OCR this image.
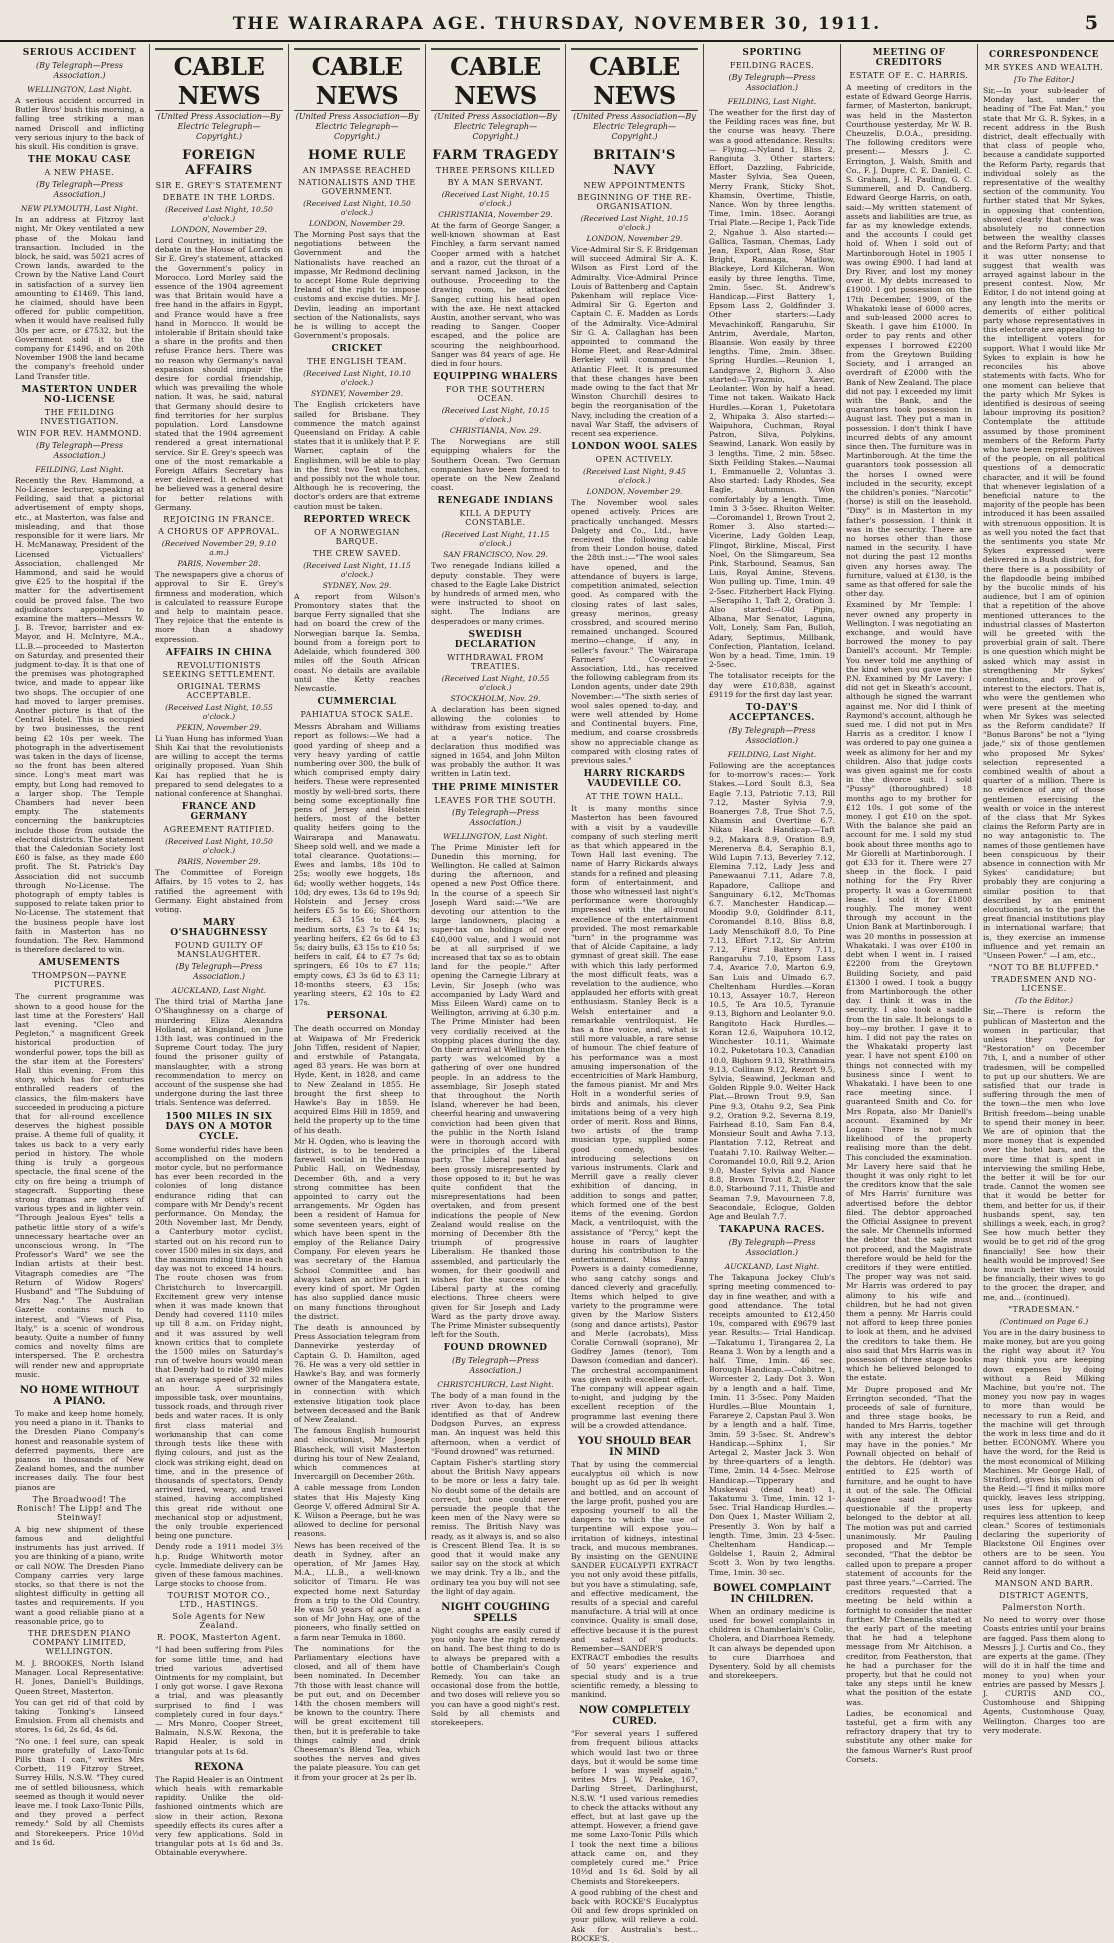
THE WAIRARAPA AGE. THURSDAY, NOVEMBER 30, 1911.	5
SERIOUS ACCIDENT
(By Telegraph—Press Association.)
WELLINGTON, Last Night.
A serious accident occurred in Butler Bros' bush this morning, a falling tree striking a man named Driscoll and inflicting very serious injury to the back of his skull. His condition is grave.
THE MOKAU CASE
A NEW PHASE.
(By Telegraph—Press Association.)
NEW PLYMOUTH, Last Night.
In an address at Fitzroy last night, Mr Okey ventilated a new phase of the Mokau land transaction. Included in the block, he said, was 5021 acres of Crown lands, awarded to the Crown by the Native Land Court in satisfaction of a survey lien amounting to £1469. This land, he claimed, should have been offered for public competition, when it would have realised fully 30s per acre, or £7532, but the Government sold it to the company for £1496, and on 20th November 1908 the land became the company's freehold under Land Transfer title.
MASTERTON UNDER NO-LICENSE
THE FEILDING INVESTIGATION.
WIN FOR REV. HAMMOND.
(By Telegraph—Press Association.)
FEILDING, Last Night.
Recently the Rev. Hammond, a No-License lecturer, speaking at Feilding, said that a pictorial advertisement of empty shops, etc., at Masterton, was false and misleading, and that those responsible for it were liars. Mr H. McManaway, President of the Licensed Victuallers' Association, challenged Mr Hammond, and said he would give £25 to the hospital if the matter for the advertisement could be proved false. The two adjudicators appointed to examine the matters—Messrs W. J. B. Trevor, barrister and ex-Mayor, and H. McIntyre, M.A., LL.B.—proceeded to Masterton on Saturday, and presented their judgment to-day. It is that one of the premises was photographed twice, and made to appear like two shops. The occupier of one had moved to larger premises. Another picture is that of the Central Hotel. This is occupied by two businesses, the rent being £2 10s per week. The photograph in the advertisement was taken in the days of license, so the front has been altered since. Long's meat mart was empty, but Long had removed to a larger shop. The Temple Chambers had never been empty. The statements concerning the bankruptcies include those from outside the electoral districts. The statement that the Caledonian Society lost £60 is false, as they made £60 profit. The St. Patrick's Day Association did not succumb through No-License. The photograph of empty tables is supposed to relate taken prior to No-License. The statement that the business people have lost faith in Masterton has no foundation. The Rev. Hammond is therefore declared to win.
AMUSEMENTS
THOMPSON—PAYNE PICTURES.
The current programme was shown to a good house for the last time at the Foresters' Hall last evening. "Cleo and Pegleton," a magnificent Greek historical production of wonderful power, tops the bill as the star item at the Foresters' Hall this evening. From this story, which has for centuries enthralled readers of the classics, the film-makers have succeeded in producing a picture that for all-round excellence deserves the highest possible praise. A theme full of quality, it takes us back to a very early period in history. The whole thing is truly a gorgeous spectacle, the final scene of the city on fire being a triumph of stagecraft. Supporting these strong dramas are others of various types and in lighter vein. "Through Jealous Eyes" tells a pathetic little story of a wife's unnecessary heartache over an unconscious wrong. In "The Professor's Ward" we see the Indian artists at their best. Vitagraph comedies are "The Return of Widow Rogers' Husband" and "The Subduing of Mrs Nag." The Australian Gazette contains much to interest, and "Views of Pisa, Italy," is a scenic of wondrous beauty. Quite a number of funny comics and novelty films are interspersed. The P. orchestra will render new and appropriate music.
NO HOME WITHOUT A PIANO.
To make and keep home homely, you need a piano in it. Thanks to the Dresden Piano Company's honest and reasonable system of deferred payments, there are pianos in thousands of New Zealand homes, and the number increases daily. The four best pianos are
The Broadwood! The Ronisch! The Lipp! and The Steinway!
A big new shipment of these famous and delightful instruments has just arrived. If you are thinking of a piano, write or call NOW. The Dresden Piano Company carries very large stocks, so that there is not the slightest difficulty in getting all tastes and requirements. If you want a good reliable piano at a reasonable price, go to
THE DRESDEN PIANO COMPANY LIMITED, WELLINGTON.
M. J. BROOKES, North Island Manager. Local Representative: H. Jones, Daniell's Buildings, Queen Street, Masterton.
You can get rid of that cold by taking Tonking's Linseed Emulsion. From all chemists and stores, 1s 6d, 2s 6d, 4s 6d.
"No one. I feel sure, can speak more gratefully of Laxo-Tonic Pills than I can," writes Mrs Corbett, 119 Fitzroy Street, Surrey Hills, N.S.W. "They cured me of settled biliousness, which seemed as though it would never leave me. I took Laxo-Tonic Pills, and they proved a perfect remedy." Sold by all Chemists and Storekeepers. Price 10½d and 1s 6d.
CABLE NEWS
(United Press Association—By Electric Telegraph—Copyright.)
FOREIGN AFFAIRS
SIR E. GREY'S STATEMENT
DEBATE IN THE LORDS.
(Received Last Night, 10.50 o'clock.)
LONDON, November 29.
Lord Courtney, in initiating the debate in the House of Lords on Sir E. Grey's statement, attacked the Government's policy in Morocco. Lord Morley said the essence of the 1904 agreement was that Britain would have a free hand in the affairs in Egypt, and France would have a free hand in Morocco. It would be intolerable if Britain should take a share in the profits and then refuse France hers. There was no reason why Germany's naval expansion should impair the desire for cordial friendship, which was prevailing the whole nation. It was, he said, natural that Germany should desire to find territories for her surplus population. Lord Lansdowne stated that the 1904 agreement rendered a great international service. Sir E. Grey's speech was one of the most remarkable a Foreign Affairs Secretary has ever delivered. It echoed what he believed was a general desire for better relations with Germany.
REJOICING IN FRANCE.
A CHORUS OF APPROVAL.
(Received November 29, 9.10 a.m.)
PARIS, November 28.
The newspapers give a chorus of approval to Sir E. Grey's firmness and moderation, which is calculated to reassure Europe and help to maintain peace. They rejoice that the entente is more than a shadowy expression.
AFFAIRS IN CHINA
REVOLUTIONISTS SEEKING SETTLEMENT.
ORIGINAL TERMS ACCEPTABLE.
(Received Last Night, 10.55 o'clock.)
PEKIN, November 29.
Li Yuan Hung has informed Yuan Shih Kai that the revolutionists are willing to accept the terms originally proposed. Yuan Shih Kai has replied that he is prepared to send delegates to a national conference at Shanghai.
FRANCE AND GERMANY
AGREEMENT RATIFIED.
(Received Last Night, 10.50 o'clock.)
PARIS, November 29.
The Committee of Foreign Affairs, by 15 votes to 2, has ratified the agreement with Germany. Eight abstained from voting.
MARY O'SHAUGHNESSY
FOUND GUILTY OF MANSLAUGHTER.
(By Telegraph—Press Association.)
AUCKLAND, Last Night.
The third trial of Martha Jane O'Shaughnessy on a charge of murdering Eliza Alexandra Holland, at Kingsland, on June 13th last, was continued in the Supreme Court today. The jury found the prisoner guilty of manslaughter, with a strong recommendation to mercy on account of the suspense she had undergone during the last three trials. Sentence was deferred.
1500 MILES IN SIX DAYS ON A MOTOR CYCLE.
Some wonderful rides have been accomplished on the modern motor cycle, but no performance has ever been recorded in the colonies of long distance endurance riding that can compare with Mr Dendy's recent performance. On Monday, the 20th November last, Mr Dendy, a Canterbury motor cyclist, started out on his record run to cover 1500 miles in six days, and the maximum riding time in each day was not to exceed 14 hours. The route chosen was from Christchurch to Invercargill. Excitement grew very intense when it was made known that Dendy had covered 1110 miles up till 8 a.m. on Friday night, and it was assured by well known critics that to complete the 1500 miles on Saturday's run of twelve hours would mean that Dendy had to ride 390 miles at an average speed of 32 miles an hour. A surprisingly impossible task, over mountains, tussock roads, and through river beds and water races. It is only first class material and workmanship that can come through tests like these with flying colours, and just as the clock was striking eight, dead on time, and in the presence of thousands of spectators, Dendy arrived tired, weary, and travel stained, having accomplished this great ride without one mechanical stop or adjustment, the only trouble experienced being one puncture.
Dendy rode a 1911 model 3½ h.p. Rudge Whitworth motor cycle. Immediate delivery can be given of these famous machines. Large stocks to choose from.
TOURIST MOTOR CO., LTD., HASTINGS.
Sole Agents for New Zealand.
R. POOK, Masterton Agent.
"I had been suffering from Piles for some little time, and had tried various advertised Ointments for my complaint, but I only got worse. I gave Rexona a trial, and was pleasantly surprised to find I was completely cured in four days." — Mrs Monro, Cooper Street, Balmain, N.S.W. Rexona, the Rapid Healer, is sold in triangular pots at 1s 6d.
REXONA
The Rapid Healer is an Ointment which heals with remarkable rapidity. Unlike the old-fashioned ointments which are slow in their action, Rexona speedily effects its cures after a very few applications. Sold in triangular pots at 1s 6d and 3s. Obtainable everywhere.
CABLE NEWS
(United Press Association—By Electric Telegraph—Copyright.)
HOME RULE
AN IMPASSE REACHED
NATIONALISTS AND THE GOVERNMENT.
(Received Last Night, 10.50 o'clock.)
LONDON, November 29.
The Morning Post says that the negotiations between the Government and the Nationalists have reached an impasse, Mr Redmond declining to accept Home Rule depriving Ireland of the right to impose customs and excise duties. Mr J. Devlin, leading an important section of the Nationalists, says he is willing to accept the Government's proposals.
CRICKET
THE ENGLISH TEAM.
(Received Last Night, 10.10 o'clock.)
SYDNEY, November 29.
The English cricketers have sailed for Brisbane. They commence the match against Queensland on Friday. A cable states that it is unlikely that P. F. Warner, captain of the Englishmen, will be able to play in the first two Test matches, and possibly not the whole tour. Although he is recovering, the doctor's orders are that extreme caution must be taken.
REPORTED WRECK
OF A NORWEGIAN BARQUE.
THE CREW SAVED.
(Received Last Night, 11.15 o'clock.)
SYDNEY, Nov. 29.
A report from Wilson's Promontory states that the barque Ferry signalled that she had on board the crew of the Norwegian barque Ia. Semba, bound from a foreign port to Adelaide, which foundered 300 miles off the South African coast. No details are available until the Ketty reaches Newcastle.
CUMMERCIAL
PAHIATUA STOCK SALE.
Messrs Abraham and Williams report as follows:—We had a good yarding of sheep and a very heavy yarding of cattle numbering over 300, the bulk of which comprised empty dairy heifers. These were represented mostly by well-bred sorts, there being some exceptionally fine pens of Jersey and Holstein heifers, most of the better quality heifers going to the Wairarapa and Manawatu. Sheep sold well, and we made a total clearance. Quotations:—Ewes and lambs, 18s 10d to 25s; woolly ewe hoggets, 18s 6d; woolly wether hoggets, 14s 10d; dry ewes, 13s 6d to 19s 9d; Holstein and Jersey cross heifers £5 5s to £6; Shorthorn heifers, £3 15s to £4 9s; medium sorts, £3 7s to £4 1s; yearling heifers, £2 6s 6d to £3 5s; dairy bulls, £3 15s to £10 5s; heifers in calf, £4 to £7 7s 6d; springers, £6 10s to £7 11s; empty cows, £3 3s 6d to £3 11; 18-months steers, £3 15s; yearling steers, £2 10s to £2 17s.
PERSONAL
The death occurred on Monday at Waipawa of Mr Frederick John Tiffen, resident of Napier, and erstwhile of Patangata, aged 83 years. He was born at Hyde, Kent, in 1828, and came to New Zealand in 1855. He brought the first sheep to Hawke's Bay in 1859. He acquired Elms Hill in 1859, and held the property up to the time of his death.
Mr H. Ogden, who is leaving the district, is to be tendered a farewell social in the Hamua Public Hall, on Wednesday, December 6th, and a very strong committee has been appointed to carry out the arrangements. Mr Ogden has been a resident of Hamua for some seventeen years, eight of which have been spent in the employ of the Reliance Dairy Company. For eleven years he was secretary of the Hamua School Committee and has always taken an active part in every kind of sport. Mr Ogden has also supplied dance music on many functions throughout the district.
The death is announced by Press Association telegram from Dannevirke yesterday of Captain G. D. Hamilton, aged 76. He was a very old settler in Hawke's Bay, and was formerly owner of the Mangatera estate, in connection with which extensive litigation took place between deceased and the Bank of New Zealand.
The famous English humourist and elocutionist, Mr Joseph Blascheck, will visit Masterton during his tour of New Zealand, which commences at Invercargill on December 26th.
A cable message from London states that His Majesty King George V. offered Admiral Sir A. K. Wilson a Peerage, but he was allowed to decline for personal reasons.
News has been received of the death in Sydney, after an operation, of Mr James Hay, M.A., LL.B., a well-known solicitor of Timaru. He was expected home next Saturday from a trip to the Old Country. He was 50 years of age, and a son of Mr John Hay, one of the pioneers, who finally settled on a farm near Temuka in 1860.
The nominations for the Parliamentary elections have closed, and all of them have been nominated. In December 7th those with least chance will be put out, and on December 14th the chosen members will be known to the country. There will be great excitement till then, but it is preferable to take things calmly and drink Cheeseman's Blend Tea, which soothes the nerves and gives the palate pleasure. You can get it from your grocer at 2s per lb.
CABLE NEWS
(United Press Association—By Electric Telegraph—Copyright.)
FARM TRAGEDY
THREE PERSONS KILLED
BY A MAN SERVANT.
(Received Last Night, 10.15 o'clock.)
CHRISTIANIA, November 29.
At the farm of George Sanger, a well-known showman at East Finchley, a farm servant named Cooper armed with a hatchet and a razor, cut the throat of a servant named Jackson, in the outhouse. Proceeding to the drawing room, he attacked Sanger, cutting his head open with the axe. He next attacked Austin, another servant, who was reading to Sanger. Cooper escaped, and the police are scouring the neighbourhood. Sanger was 84 years of age. He died in four hours.
EQUIPPING WHALERS
FOR THE SOUTHERN OCEAN.
(Received Last Night, 10.15 o'clock.)
CHRISTIANIA, Nov. 29.
The Norwegians are still equipping whalers for the Southern Ocean. Two German companies have been formed to operate on the New Zealand coast.
RENEGADE INDIANS
KILL A DEPUTY CONSTABLE.
(Received Last Night, 11.15 o'clock.)
SAN FRANCISCO, Nov. 29.
Two renegade Indians killed a deputy constable. They were chased to the Eagle Lake District by hundreds of armed men, who were instructed to shoot on sight. The Indians are desperadoes or many crimes.
SWEDISH DECLARATION
WITHDRAWAL FROM TREATIES.
(Received Last Night, 10.55 o'clock.)
STOCKHOLM, Nov. 29.
A declaration has been signed allowing the colonies to withdraw from existing treaties at a year's notice. The declaration thus modified was signed in 1654, and John Milton was probably the author. It was written in Latin text.
THE PRIME MINISTER
LEAVES FOR THE SOUTH.
(By Telegraph—Press Association.)
WELLINGTON, Last Night.
The Prime Minister left for Dunedin this morning, for Wellington. He called at Salmon during the afternoon, and opened a new Post Office there. In the course of a speech Sir Joseph Ward said:—"We are devoting our attention to the large landowners, placing a super-tax on holdings of over £40,000 value, and I would not be at all surprised if we increased that tax so as to obtain land for the people." After opening the Carnegie Library at Levin, Sir Joseph (who was accompanied by Lady Ward and Miss Eileen Ward) came on to Wellington, arriving at 6.30 p.m. The Prime Minister had been very cordially received at the stopping places during the day. On their arrival at Wellington the party was welcomed by a gathering of over one hundred people. In an address to the assemblage, Sir Joseph stated that throughout the North Island, wherever he had been, cheerful hearing and unwavering conviction had been given that the public in the North Island were in thorough accord with the principles of the Liberal party. The Liberal party had been grossly misrepresented by those opposed to it; but he was quite confident that the misrepresentations had been overtaken, and from present indications the people of New Zealand would realise on the morning of December 8th the triumph of progressive Liberalism. He thanked those assembled, and particularly the women, for their goodwill and wishes for the success of the Liberal party at the coming elections. Three cheers were given for Sir Joseph and Lady Ward as the party drove away. The Prime Minister subsequently left for the South.
FOUND DROWNED
(By Telegraph—Press Association.)
CHRISTCHURCH, Last Night.
The body of a man found in the river Avon to-day, has been identified as that of Andrew Dodgson Purves, an express man. An inquest was held this afternoon, when a verdict of "Found drowned" was returned.
Captain Fisher's startling story about the British Navy appears to be more or less a fairy tale. No doubt some of the details are correct, but one could never persuade the people that the keen men of the Navy were so remiss. The British Navy was ready, as it always is, and so also is Crescent Blend Tea. It is so good that it would make any sailor say on the stock at which we may drink. Try a lb., and the ordinary tea you buy will not see the light of day again.
NIGHT COUGHING SPELLS
Night coughs are easily cured if you only have the right remedy on hand. The best thing to do is to always be prepared with a bottle of Chamberlain's Cough Remedy. You can take an occasional dose from the bottle, and two doses will relieve you so you can have a good night's rest. Sold by all chemists and storekeepers.
CABLE NEWS
(United Press Association—By Electric Telegraph—Copyright.)
BRITAIN'S NAVY
NEW APPOINTMENTS
BEGINNING OF THE RE-ORGANISATION.
(Received Last Night, 10.15 o'clock.)
LONDON, November 29.
Vice-Admiral Sir S. F. Bridgeman will succeed Admiral Sir A. K. Wilson as First Lord of the Admiralty. Vice-Admiral Prince Louis of Battenberg and Captain Pakenham will replace Vice-Admiral Sir G. Egerton and Captain C. E. Madden as Lords of the Admiralty. Vice-Admiral Sir G. A. Callaghan has been appointed to command the Home Fleet, and Rear-Admiral Berkeley will command the Atlantic Fleet. It is presumed that these changes have been made owing to the fact that Mr Winston Churchill desires to begin the reorganisation of the Navy, including the creation of a naval War Staff, the advisers of recent sea experience.
LONDON WOOL SALES
OPEN ACTIVELY.
(Received Last Night, 9.45 o'clock.)
LONDON, November 29.
The November wool sales opened actively. Prices are practically unchanged. Messrs Dalgety and Co., Ltd., have received the following cable from their London house, dated the 28th inst.:—"The wool sales have opened, and the attendance of buyers is large, competition animated, selection good. As compared with the closing rates of last sales, greasy merinos, greasy crossbred, and scoured merino remained unchanged. Scoured merino—change, if any, in seller's favour." The Wairarapa Farmers' Co-operative Association, Ltd., has received the following cablegram from its London agents, under date 29th November:—"The sixth series of wool sales opened to-day, and were well attended by Home and Continental buyers. Fine, medium, and coarse crossbreds show no appreciable change as compared with closing rates of previous sales."
HARRY RICKARDS VAUDEVILLE CO.
AT THE TOWN HALL.
It is many months since Masterton has been favoured with a visit by a vaudeville company of such sterling merit as that which appeared in the Town Hall last evening. The name of Harry Rickards always stands for a refined and pleasing form of entertainment, and those who witnessed last night's performance were thoroughly impressed with the all-round excellence of the entertainment provided. The most remarkable "turn" in the programme was that of Alcide Capitaine, a lady gymnast of great skill. The ease with which this lady performed the most difficult feats, was a revelation to the audience, who applauded her efforts with great enthusiasm. Stanley Beck is a Welsh entertainer and a remarkable ventriloquist. He has a fine voice, and, what is still more valuable, a rare sense of humour. The chief feature of his performance was a most amusing impersonation of the eccentricities of Mark Hamburg, the famous pianist. Mr and Mrs Holt in a wonderful series of birds and animals, his clever imitations being of a very high order of merit. Ross and Binns, two artists of the tramp musician type, supplied some good comedy, besides introducing selections on various instruments. Clark and Merrill gave a really clever exhibition of dancing, in addition to songs and patter, which formed one of the best items of the evening. Gordon Mack, a ventriloquist, with the assistance of "Percy," kept the house in roars of laughter during his contribution to the entertainment. Miss Fanny Powers is a dainty comedienne, who sang catchy songs and danced cleverly and gracefully. Items which helped to give variety to the programme were given by the Marlow Sisters (song and dance artists), Pastor and Merle (acrobats), Miss Coralie Cornwall (soprano), Mr Godfrey James (tenor), Tom Dawson (comedian and dancer). The orchestral accompaniment was given with excellent effect. The company will appear again to-night, and judging by the excellent reception of the programme last evening there will be a crowded attendance.
YOU SHOULD BEAR IN MIND
That by using the commercial eucalyptus oil which is now bought up as 6d per lb weight and bottled, and on account of the large profit, pushed you are exposing yourself to all the dangers to which the use of turpentine will expose you—irritation of kidneys, intestinal track, and mucous membranes. By insisting on the GENUINE SANDER EUCALYPTI EXTRACT you not only avoid these pitfalls, but you have a stimulating, safe, and effective medicament, the results of a special and careful manufacture. A trial will at once convince. Quality is small dose, effective because it is the purest and safest of products. Remember—SANDER'S EXTRACT embodies the results of 50 years' experience and special study and is a true scientific remedy, a blessing to mankind.
NOW COMPLETELY CURED.
"For several years I suffered from frequent bilious attacks which would last two or three days, but it would be some time before I was myself again," writes Mrs J. W. Peake, 167, Darling Street, Darlinghurst, N.S.W. "I used various remedies to check the attacks without any effect, but at last gave up the attempt. However, a friend gave me some Laxo-Tonic Pills which I took the next time a bilious attack came on, and they completely cured me." Price 10½d and 1s 6d. Sold by all Chemists and Storekeepers.
A good rubbing of the chest and back with ROCKE'S Eucalyptus Oil and few drops sprinkled on your pillow, will relieve a cold. Ask for Australia's best... ROCKE'S.
SPORTING
FEILDING RACES.
(By Telegraph—Press Association.)
FEILDING, Last Night.
The weather for the first day of the Feilding races was fine, but the course was heavy. There was a good attendance. Results:— Flying.—Nyland 1, Bliss 2, Rangiuta 3. Other starters: Effort, Dazzling, Fabricide, Master Sylvia, Sea Queen, Merry Frank, Sticky Shot, Khamsin, Overtime, Thistle, Nance. Won by three lengths. Time, 1min. 18sec. Aorangi Trial Plate.—Recipe 1, Pack Tide 2, Ngahue 3. Also started:—Gallica, Tasman, Chemas, Lady Jean, Export, Alan Rose, Star Bright, Rannaga, Matlow, Blackeye, Lord Kilcheran. Won easily by three lengths. Time, 2min. 5sec. St. Andrew's Handicap.—First Battery 1, Epsom Lass 2, Goldfinder 3. Other starters:—Lady Mevachinkoff, Rangaruhu, Sir Antrim, Averdale, Marton, Blaansie. Won easily by three lengths. Time, 2min. 38sec. Spring Hurdles.—Reunion 1, Landgrave 2, Bighorn 3. Also started:—Tyrazmio, Xavier, Leolanter. Won by half a head. Time not taken. Waikato Hack Hurdles.—Koran 1, Puketotara 2, Whipaka 3. Also started:—Waipuhora, Cuchman, Royal Patron, Silva, Polykins, Seawind, Lanark. Won easily by 3 lengths. Time, 2 min. 58sec. Sixth Feilding Stakes.—Naumai 1, Emmanuelle 2, Voluntas 3. Also started: Lady Rhodes, Sea Eagle, Autumnus. Won comfortably by a length. Time, 1min 3 3-5sec. Rhuiton Welter.—Coromandel 1, Brown Trout 2, Romer 3. Also started:—Vicerine, Lady Golden Leap, Flingot, Birkline, Miscal, First Noel, On the Slimgareum, Sea Pink, Starbound, Seamus, San Luis, Royal Amine, Stevens. Won pulling up. Time, 1min. 49 2-5sec. Fitzherbert Hack Flying.—Serapiho 1, Taft 2, Oration 3. Also started:—Old Pipin, Albana, Mar Senator, Laguna, Volt, Lonely, Sam Fan, Bulloh, Adary, Septimus, Millbank, Confection, Plantation, Iceland. Won by a head. Time, 1min. 19 2-5sec.
The totalisator receipts for the day were £10,838, against £9119 for the first day last year.
TO-DAY'S ACCEPTANCES.
(By Telegraph—Press Association.)
FEILDING, Last Night.
Following are the acceptances for to-morrow's races:— York Stakes.—Lord Soult 8.3, Sea Eagle 7.13, Patriotic 7.13, Rill 7.12, Master Sylvia 7.9, Boanerges 7.8, True Shot 7.5, Khamsin and Overtime 6.7. Nikau Hack Handicap.—Taft 9.2, Makara 8.9, Oration 8.9, Merenerva 8.4, Seraphio 8.1, Wild Lupin 7.13, Beverley 7.12, Elemina 7.12, Lady Jess and Panewaanui 7.11, Adare 7.8, Rapadore, Calliope and Sanguinary 6.12, McThomas 6.7. Manchester Handicap.—Moodip 9.0, Goldfinder 8.11, Coromandel 8.10, Bliss 8.8, Lady Menschikoff 8.0, To Pine 7.13, Effort 7.12, Sir Antrim 7.12, First Battery 7.11, Rangaruhu 7.10, Epsom Lass 7.4, Avarice 7.0, Marton 6.9, San Luis and Ulmado 6.7. Cheltenham Hurdles.—Koran 10.13, Assayer 10.7, Hereon 10.5, Te Ara 10.5, Tyranuie 9.13, Bighorn and Leolanter 9.0. Rangitoto Hack Hurdles.—Koran 12.6, Waipuhora 10.12, Winchester 10.11, Waimate 10.2, Puketotara 10.3, Canadian 10.0, Bighorn 9.13, Strathmaira 9.13, Collinan 9.12, Rezort 9.5, Sylvia, Seawind, Jeckman and Golden Ripple 9.0. Welter Hack Plat.—Brown Trout 9.9, San Pine 9.3, Otahu 9.2, Sea Pink 9.2, Oration 9.2, Severna 8.19, Fairhead 8.10, Sam Fan 8.4, Monsieur Soult and Awha 7.13, Plantation 7.12, Retreat and Tuatahi 7.10. Railway Welter.—Coromandel 10.0, Rill 9.2, Arion 9.0, Master Sylvia and Nance 8.8, Brown Trout 8.2, Fluster 8.0, Starbound 7.11, Thistle and Seaman 7.9, Mavourneen 7.8, Seacondale, Eclogue, Golden Age and Beulah 7.7.
TAKAPUNA RACES.
(By Telegraph—Press Association.)
AUCKLAND, Last Night.
The Takapuna Jockey Club's spring meeting commenced to-day in fine weather, and with a good attendance. The total receipts amounted to £12,450 10s, compared with £9679 last year. Results:— Trial Handicap.—Takatumu 1, Tirangarea 2, La Reana 3. Won by a length and a half. Time, 1min. 46 sec. Borough Handicap.—Cobbitre 1, Worcester 2, Lady Dot 3. Won by a length and a half. Time, 1min. 11 3-5sec. Pony Maiden Hurdles.—Blue Mountain 1, Farareye 2, Capstan Paul 3. Won by a length and a half. Time, 3min. 59 3-5sec. St. Andrew's Handicap.—Sphinx 1, Sir Artegal 2, Master Jack 3. Won by three-quarters of a length. Time, 2min. 14 4-5sec. Melrose Handicap.—Tipperary and Muskewai (dead heat) 1, Takatumu 3. Time, 1min. 12 1-5sec. Trial Handicap Hurdles.—Don Quex 1, Master William 2, Presently 3. Won by half a length. Time, 3min. 23 4-5sec. Cheltenham Handicap.—Goldelse 1, Rauin 2, Admiral Scott 3. Won by two lengths. Time, 1min. 30 sec.
BOWEL COMPLAINT IN CHILDREN.
When an ordinary medicine is used for bowel complaints in children is Chamberlain's Colic, Cholera, and Diarrhoea Remedy. It can always be depended upon to cure Diarrhoea and Dysentery. Sold by all chemists and storekeepers.
MEETING OF CREDITORS
ESTATE OF E. C. HARRIS.
A meeting of creditors in the estate of Edward George Harris, farmer, of Masterton, bankrupt, was held in the Masterton Courthouse yesterday, Mr W. B. Cheuzelis, D.O.A., presiding. The following creditors were present:— Messrs J. C. Errington, J. Walsh, Smith and Co., F. J. Dupre, C. E. Daniell, C. S. Graham, J. H. Pauling, G. C. Summerell, and D. Candberg. Edward George Harris, on oath, said:—My written statement of assets and liabilities are true, as far as my knowledge extends, and the accounts I could get hold of. When I sold out of Martinborough Hotel in 1905 I was owing £900. I had land at Dry River, and lost my money over it. My debts increased to £1900. I got possession on the 17th December, 1909, of the Whakatoki lease of 6000 acres, and sub-leased 2000 acres to Skeath. I gave him £1000. In order to pay rents and other expenses I borrowed £2200 from the Greytown Building Society, and I arranged an overdraft of £2000 with the Bank of New Zealand. The place did not pay. I exceeded my limit with the Bank, and the guarantors took possession in August last. They put a man in possession. I don't think I have incurred debts of any amount since then. The furniture was in Martinborough. At the time the guarantors took possession all the horses I owned were included in the security, except the children's ponies. "Narcotic" (horse) is still on the leasehold. "Dixy" is in Masterton in my father's possession. I think it was in the security. There are no horses other than those named in the security. I have not during the past 12 months given any horses away. The furniture, valued at £130, is the same as that offered for sale the other day.
Examined by Mr Temple: I never owned any property in Wellington. I was negotiating an exchange, and would have borrowed the money to pay Daniell's account. Mr Temple: You never told me anything of the kind when you gave me the P.N. Examined by Mr Lavery: I did not get in Skeath's account, although he signed the warrant against me. Nor did I think of Raymond's account, although he sued me. I did not put in Mrs Harris as a creditor. I know I was ordered to pay one guinea a week as alimony for her and my children. Also that judge costs was given against me for costs in the divorce suit. I sold "Pussy" (thoroughbred) 18 months ago to my brother for £12 10s. I got some of the money. I got £10 on the spot. With the balance she paid an account for me. I sold my stud book about three months ago to Mr Giorelli at Martinborough. I got £33 for it. There were 27 sheep in the flock. I paid nothing for the Fry River property. It was a Government lease. I sold it for £1800 roughly. The money went through my account in the Union Bank at Martinborough. I was 20 months in possession at Whakataki. I was over £100 in debt when I went in. I raised £2200 from the Greytown Building Society, and paid £1300 I owed. I took a buggy from Martinborough the other day. I think it was in the security. I also took a saddle from the tin sale. It belongs to a boy—my brother. I gave it to him. I did not pay the rates on the Whakataki property last year. I have not spent £100 on things not connected with my business since I went to Whakataki. I have been to one race meeting since. I guaranteed Smith and Co. for Mrs Ropata, also Mr Daniell's account. Examined by Mr Logan: There is not much likelihood of the property realising more than the debt. This concluded the examination. Mr Lavery here said that he thought it was only right to let the creditors know that the sale of Mrs Harris' furniture was advertised before the debtor filed. The debtor approached the Official Assignee to prevent the sale. Mr Chennells informed the debtor that the sale must not proceed, and the Magistrate therefore would be held for the creditors if they were entitled. The proper way was not said. Mr Harris was ordered to pay alimony to his wife and children, but he had not given them a penny. Mr Harris could not afford to keep three ponies to look at them, and he advised the creditors to take them. He also said that Mrs Harris was in possession of three stage books which he believed belonged to the estate.
Mr Dupre proposed and Mr Errington seconded, "That the proceeds of sale of furniture, and three stage books, be handed to Mrs Harris, together with any interest the debtor may have in the ponies." Mr Pownall objected on behalf of the debtors. He (debtor) was entitled to £25 worth of furniture, and he ought to have it out of the sale. The Official Assignee said it was questionable if the property belonged to the debtor at all. The motion was put and carried unanimously. Mr Pauling proposed and Mr Temple seconded, "That the debtor be called upon to prepare a proper statement of accounts for the past three years."—Carried. The creditors requested that a meeting be held within a fortnight to consider the matter further. Mr Chennells stated at the early part of the meeting that he had a telephone message from Mr Aitchison, a creditor, from Featherston, that he had a purchaser for the property, but that he could not take any steps until he knew what the position of the estate was.
Ladies, be economical and tasteful, get a firm with any refractory drapery that try to substitute any other make for the famous Warner's Rust proof Corsets.
CORRESPONDENCE
MR SYKES AND WEALTH.
[To The Editor.]
Sir,—In your sub-leader of Monday last, under the heading of "The Fat Man," you state that Mr G. R. Sykes, in a recent address in the Bush district, dealt effectually with that class of people who, because a candidate supported the Reform Party, regards that individual solely as the representative of the wealthy section of the community. You further stated that Mr Sykes, in opposing that contention, showed clearly that there was absolutely no connection between the wealthy classes and the Reform Party; and that it was utter nonsense to suggest that wealth was arrayed against labour in the present contest. Now, Mr Editor, I do not intend going at any length into the merits or demerits of either political party whose representatives in this electorate are appealing to the intelligent voters for support. What I would like Mr Sykes to explain is how he reconciles his above statements with facts. Who for one moment can believe that the party which Mr Sykes is identified is desirous of seeing labour improving its position? Contemplate the attitude assumed by those prominent members of the Reform Party who have been representatives of the people, on all political questions of a democratic character, and it will be found that whenever legislation of a beneficial nature to the majority of the people has been introduced it has been assailed with strenuous opposition. It is as well you noted the fact that the sentiments you state Mr Sykes expressed were delivered in a Bush district, for there there is a possibility of the flapdoodle being imbibed by the bucolic minds of his audience, but I am of opinion that a repetition of the above mentioned utterances to the industrial classes of Masterton will be greeted with the proverbial grain of salt. There is one question which might be asked which may assist in strengthening Mr Sykes' contentions, and prove of interest to the electors. That is, who were the gentlemen who were present at the meeting when Mr Sykes was selected as the Reform candidate? If "Bonus Barons" be not a "lying jade," six of those gentlemen who proposed Mr Sykes' selection represented a combined wealth of about a quarter of a million. There is no evidence of any of those gentlemen exercising the wealth or voice in the interest of the class that Mr Sykes claims the Reform Party are in no way antagonistic to. The names of those gentlemen have been conspicuous by their absence in connection with Mr Sykes' candidature; but probably they are conjuring a similar position to that described by an eminent elocutionist, as to the part the great financial institutions play in international warfare; that is, they exercise an immense influence and yet remain an "Unseen Power." —I am, etc.,
"NOT TO BE BLUFFED."
TRADESMEN AND NO-LICENSE.
(To the Editor.)
Sir,—There is reform the publican of Masterton and the women in particular, that unless they vote for "Restoration" on December 7th, I, and a number of other tradesmen, will be compelled to put up our shutters. We are satisfied that our trade is suffering through the men of the town—the men who love British freedom—being unable to spend their money in beer. We are of opinion that the more money that is expended over the hotel bars, and the more time that is spent in interviewing the smiling Hebe, the better it will be for our trade. Cannot the women see that it would be better for them, and better for us, if their husbands spent, say, ten shillings a week, each, in grog? See how much better they would be to get rid of the grog financially! See how their health would be improved! See how much better they would be financially, their wives to go to the grocer, the draper, and me, and... (continued).
"TRADESMAN."
(Continued on Page 6.)
You are in the dairy business to make money, but are you going the right way about it? You may think you are keeping down expenses by doing without a Reid Milking Machine, but you're not. The money you now pay in wages to more than would be necessary to run a Reid, and the machine will get through the work in less time and do it better. ECONOMY. Where you have the word, for the Reid is the most economical of Milking Machines. Mr George Hall, of Stratford, gives his opinion of the Reid:—"I find it milks more quickly, leaves less stripping, uses less for upkeep, and requires less attention to keep clean." Scores of testimonials declaring the superiority of Blackstone Oil Engines over others are to be seen. You cannot afford to do without a Reid any longer.
MANSON AND BARR.
DISTRICT AGENTS,
Palmerston North.
No need to worry over those Coasts entries until your brains are fagged. Pass them along to Messrs J. J. Curtis and Co., they are experts at the game. (They will do it in half the time and money to you) when your entries are passed by Messrs J. J. CURTIS AND CO., Customhouse and Shipping Agents, Customhouse Quay, Wellington. Charges too are very moderate.
